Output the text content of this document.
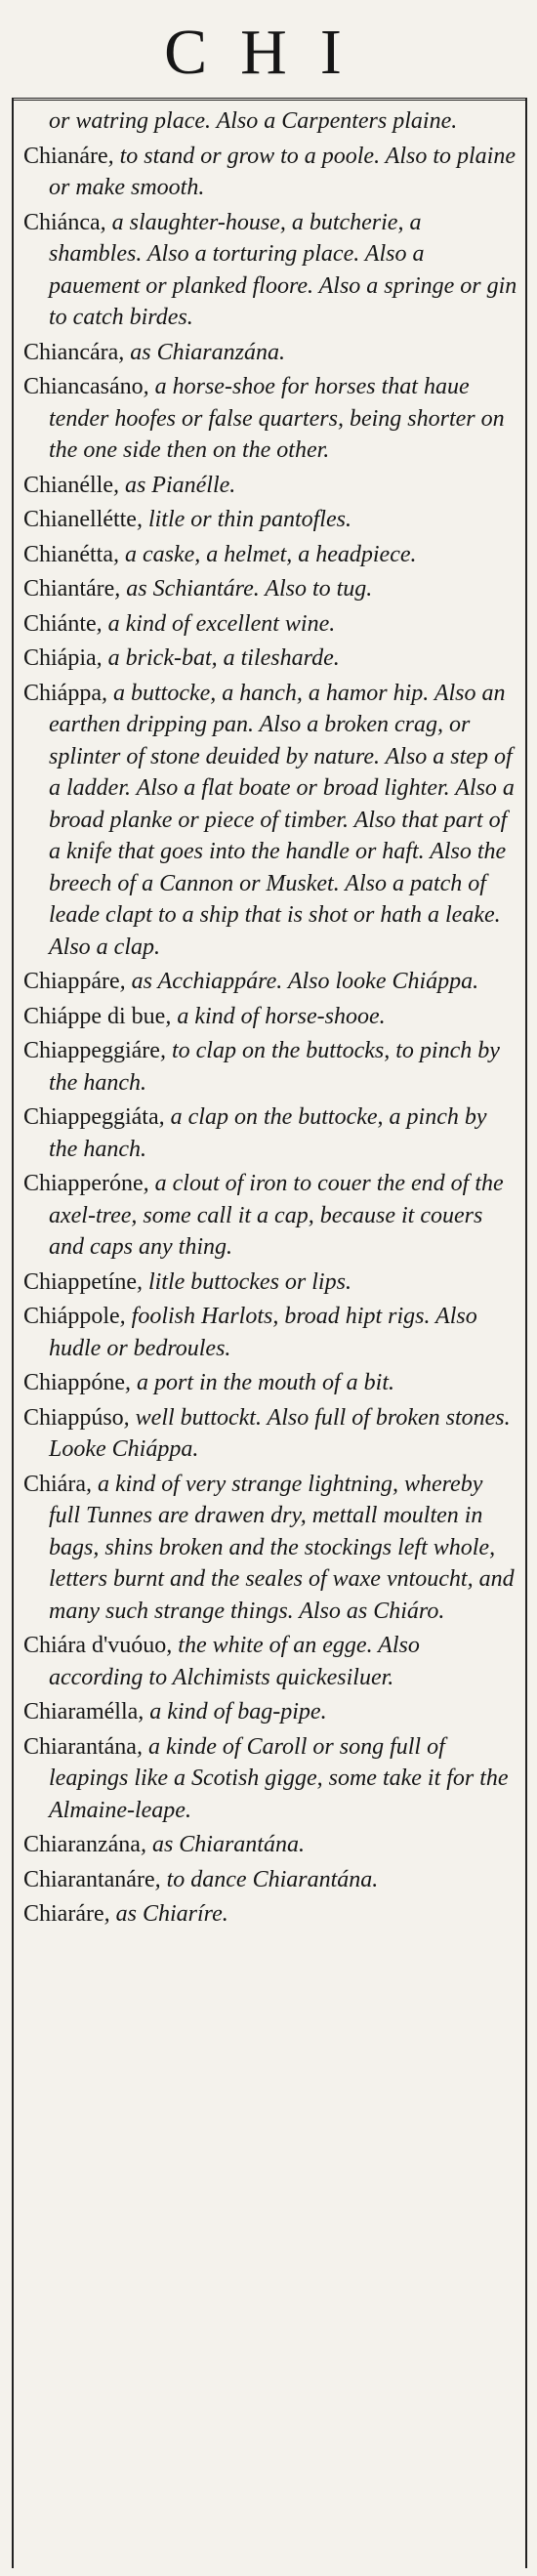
CHI

or watring place. Also a Carpenters plaine.

Chianáre, to stand or grow to a poole. Also to plaine or make smooth.

Chiánca, a slaughter-house, a butcherie, a shambles. Also a torturing place. Also a pauement or planked floore. Also a springe or gin to catch birdes.

Chiancára, as Chiaranzána.

Chiancasáno, a horse-shoe for horses that haue tender hoofes or false quarters, being shorter on the one side then on the other.

Chianélle, as Pianélle.

Chianellétte, litle or thin pantofles.

Chianétta, a caske, a helmet, a headpiece.

Chiantáre, as Schiantáre. Also to tug.

Chiánte, a kind of excellent wine.

Chiápia, a brick-bat, a tilesharde.

Chiáppa, a buttocke, a hanch, a hamor hip. Also an earthen dripping pan. Also a broken crag, or splinter of stone deuided by nature. Also a step of a ladder. Also a flat boate or broad lighter. Also a broad planke or piece of timber. Also that part of a knife that goes into the handle or haft. Also the breech of a Cannon or Musket. Also a patch of leade clapt to a ship that is shot or hath a leake. Also a clap.

Chiappáre, as Acchiappáre. Also looke Chiáppa.

Chiáppe di bue, a kind of horse-shooe.

Chiappeggiáre, to clap on the buttocks, to pinch by the hanch.

Chiappeggiáta, a clap on the buttocke, a pinch by the hanch.

Chiapperóne, a clout of iron to couer the end of the axel-tree, some call it a cap, because it couers and caps any thing.

Chiappetíne, litle buttockes or lips.

Chiáppole, foolish Harlots, broad hipt rigs. Also hudle or bedroules.

Chiappóne, a port in the mouth of a bit.

Chiappúso, well buttockt. Also full of broken stones. Looke Chiáppa.

Chiára, a kind of very strange lightning, whereby full Tunnes are drawen dry, mettall moulten in bags, shins broken and the stockings left whole, letters burnt and the seales of waxe vntoucht, and many such strange things. Also as Chiáro.

Chiára d'vuóuo, the white of an egge. Also according to Alchimists quickesiluer.

Chiaramélla, a kind of bag-pipe.

Chiarantána, a kinde of Caroll or song full of leapings like a Scotish gigge, some take it for the Almaine-leape.

Chiaranzána, as Chiarantána.

Chiarantanáre, to dance Chiarantána.

Chiaráre, as Chiaríre.
